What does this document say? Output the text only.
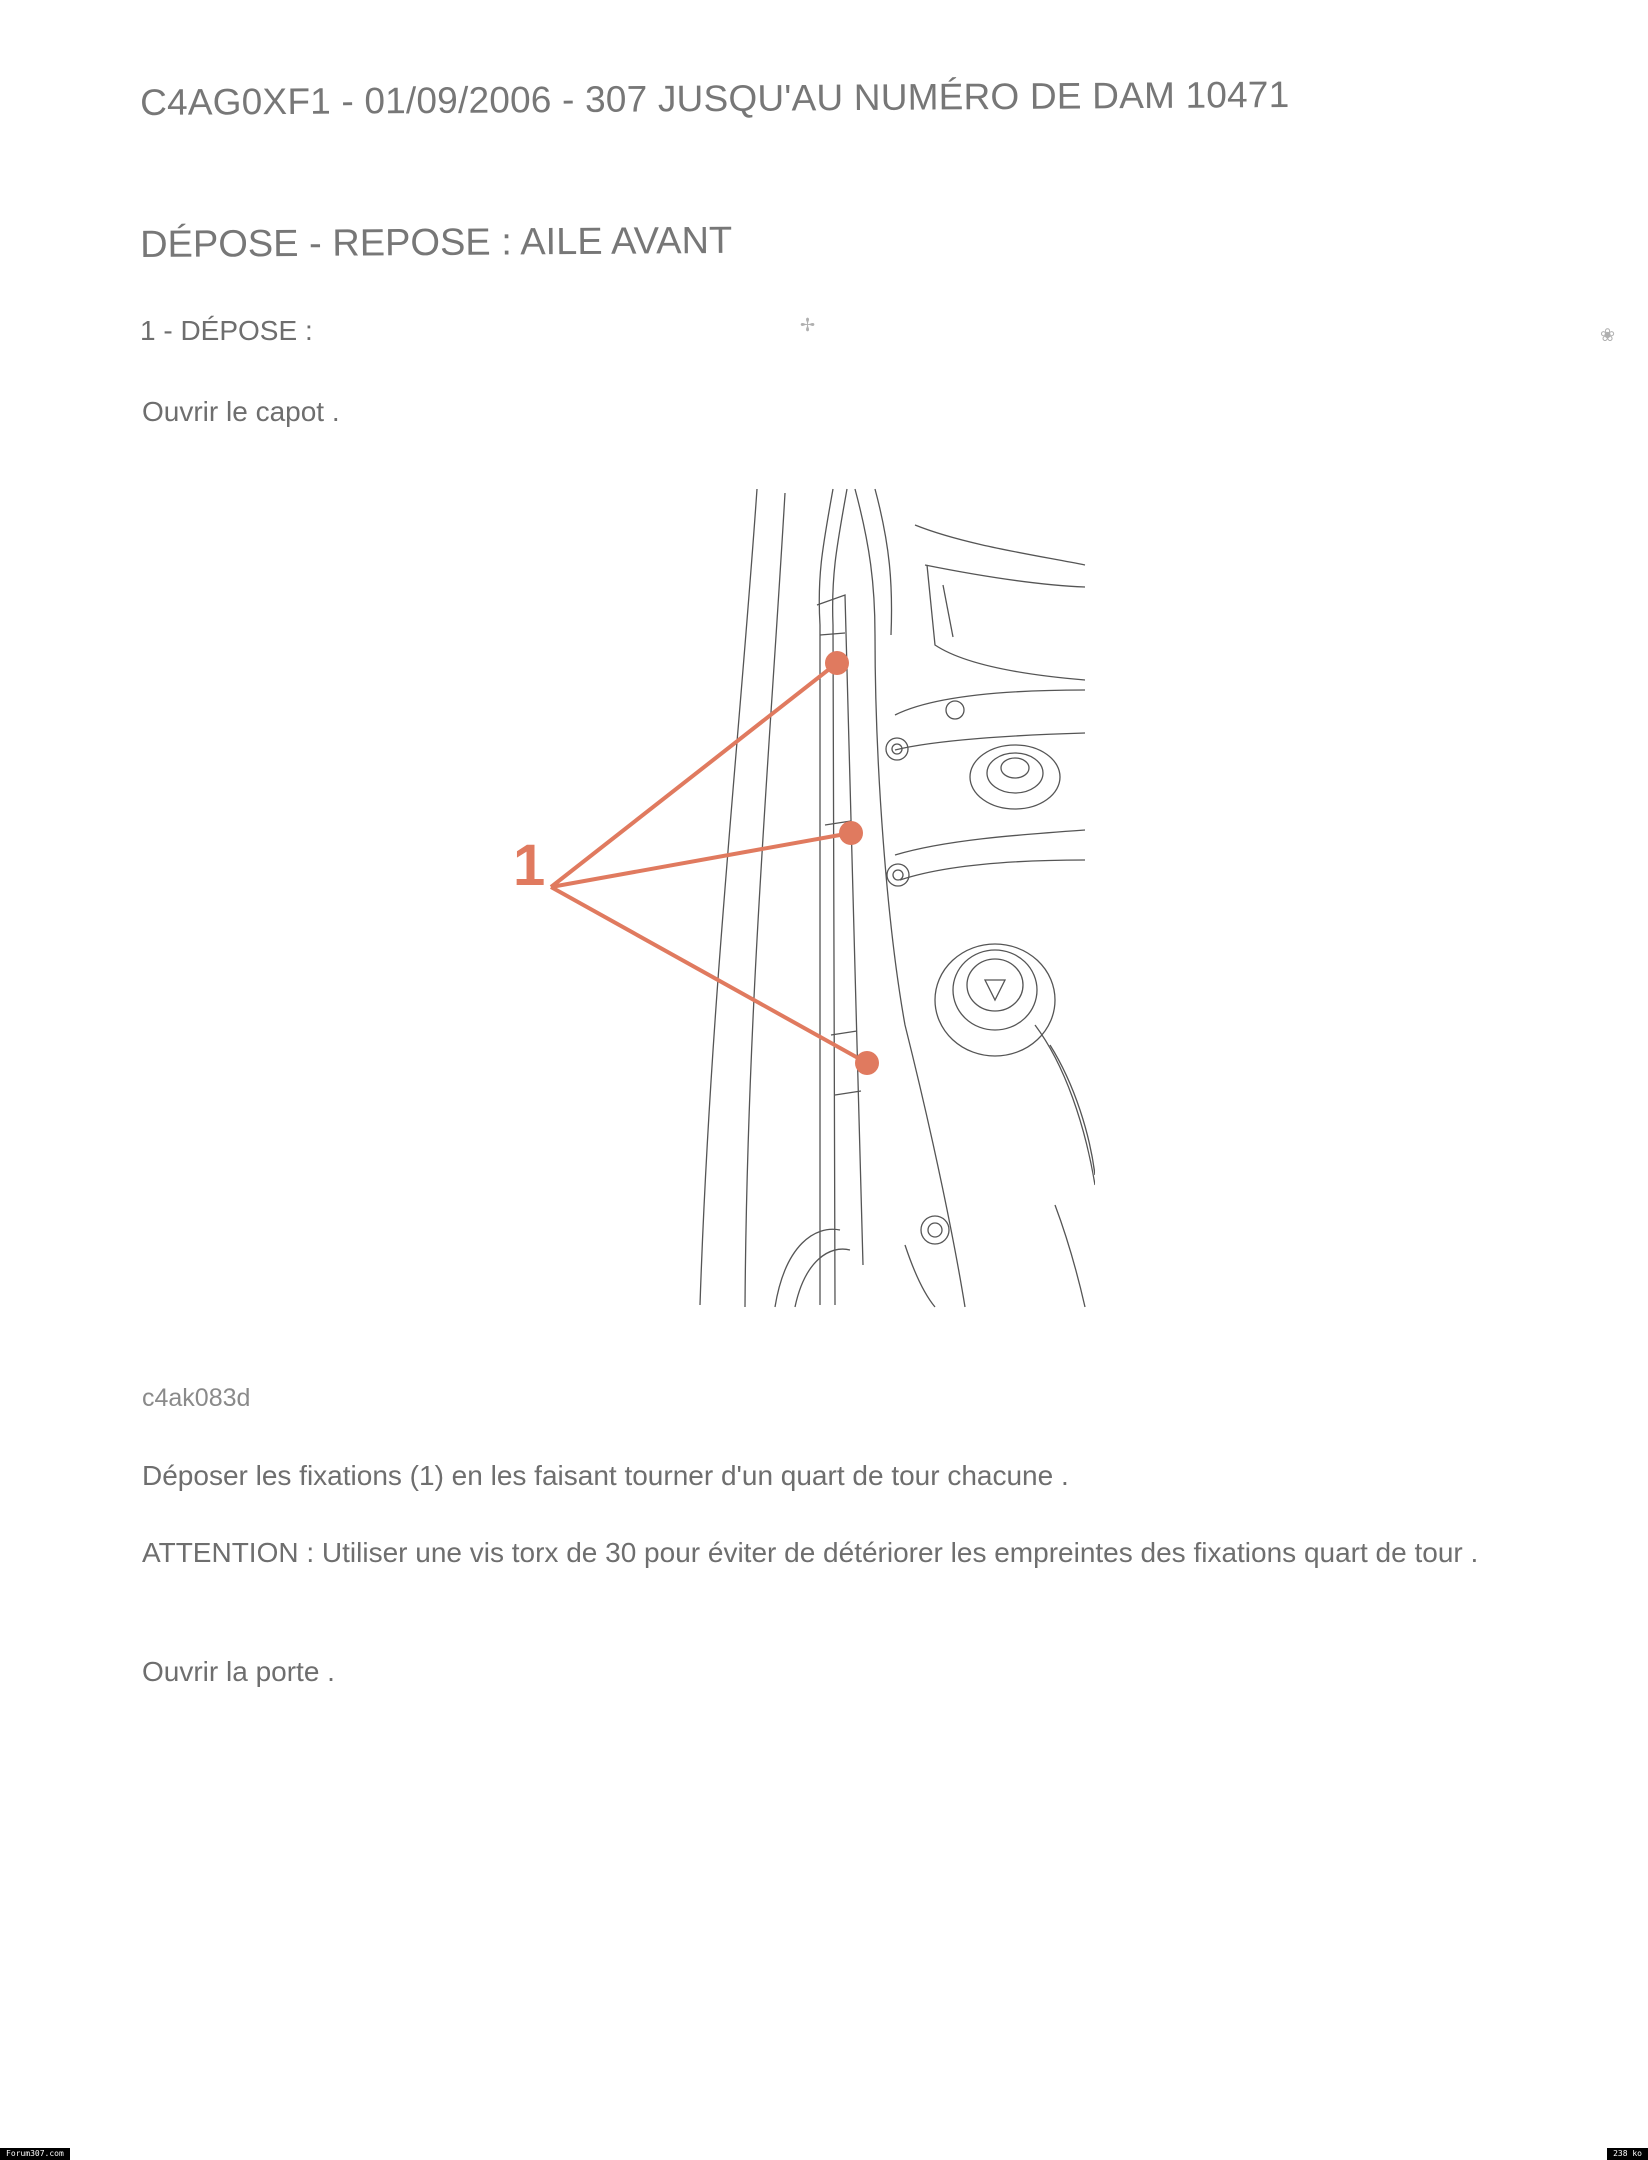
C4AG0XF1 - 01/09/2006 - 307 JUSQU'AU NUMÉRO DE DAM 10471
DÉPOSE - REPOSE : AILE AVANT
1 - DÉPOSE :
Ouvrir le capot .
1
c4ak083d
Déposer les fixations (1) en les faisant tourner d'un quart de tour chacune .
ATTENTION : Utiliser une vis torx de 30 pour éviter de détériorer les empreintes des fixations quart de tour .
Ouvrir la porte .
✢	❀
Forum307.com	238 ko
